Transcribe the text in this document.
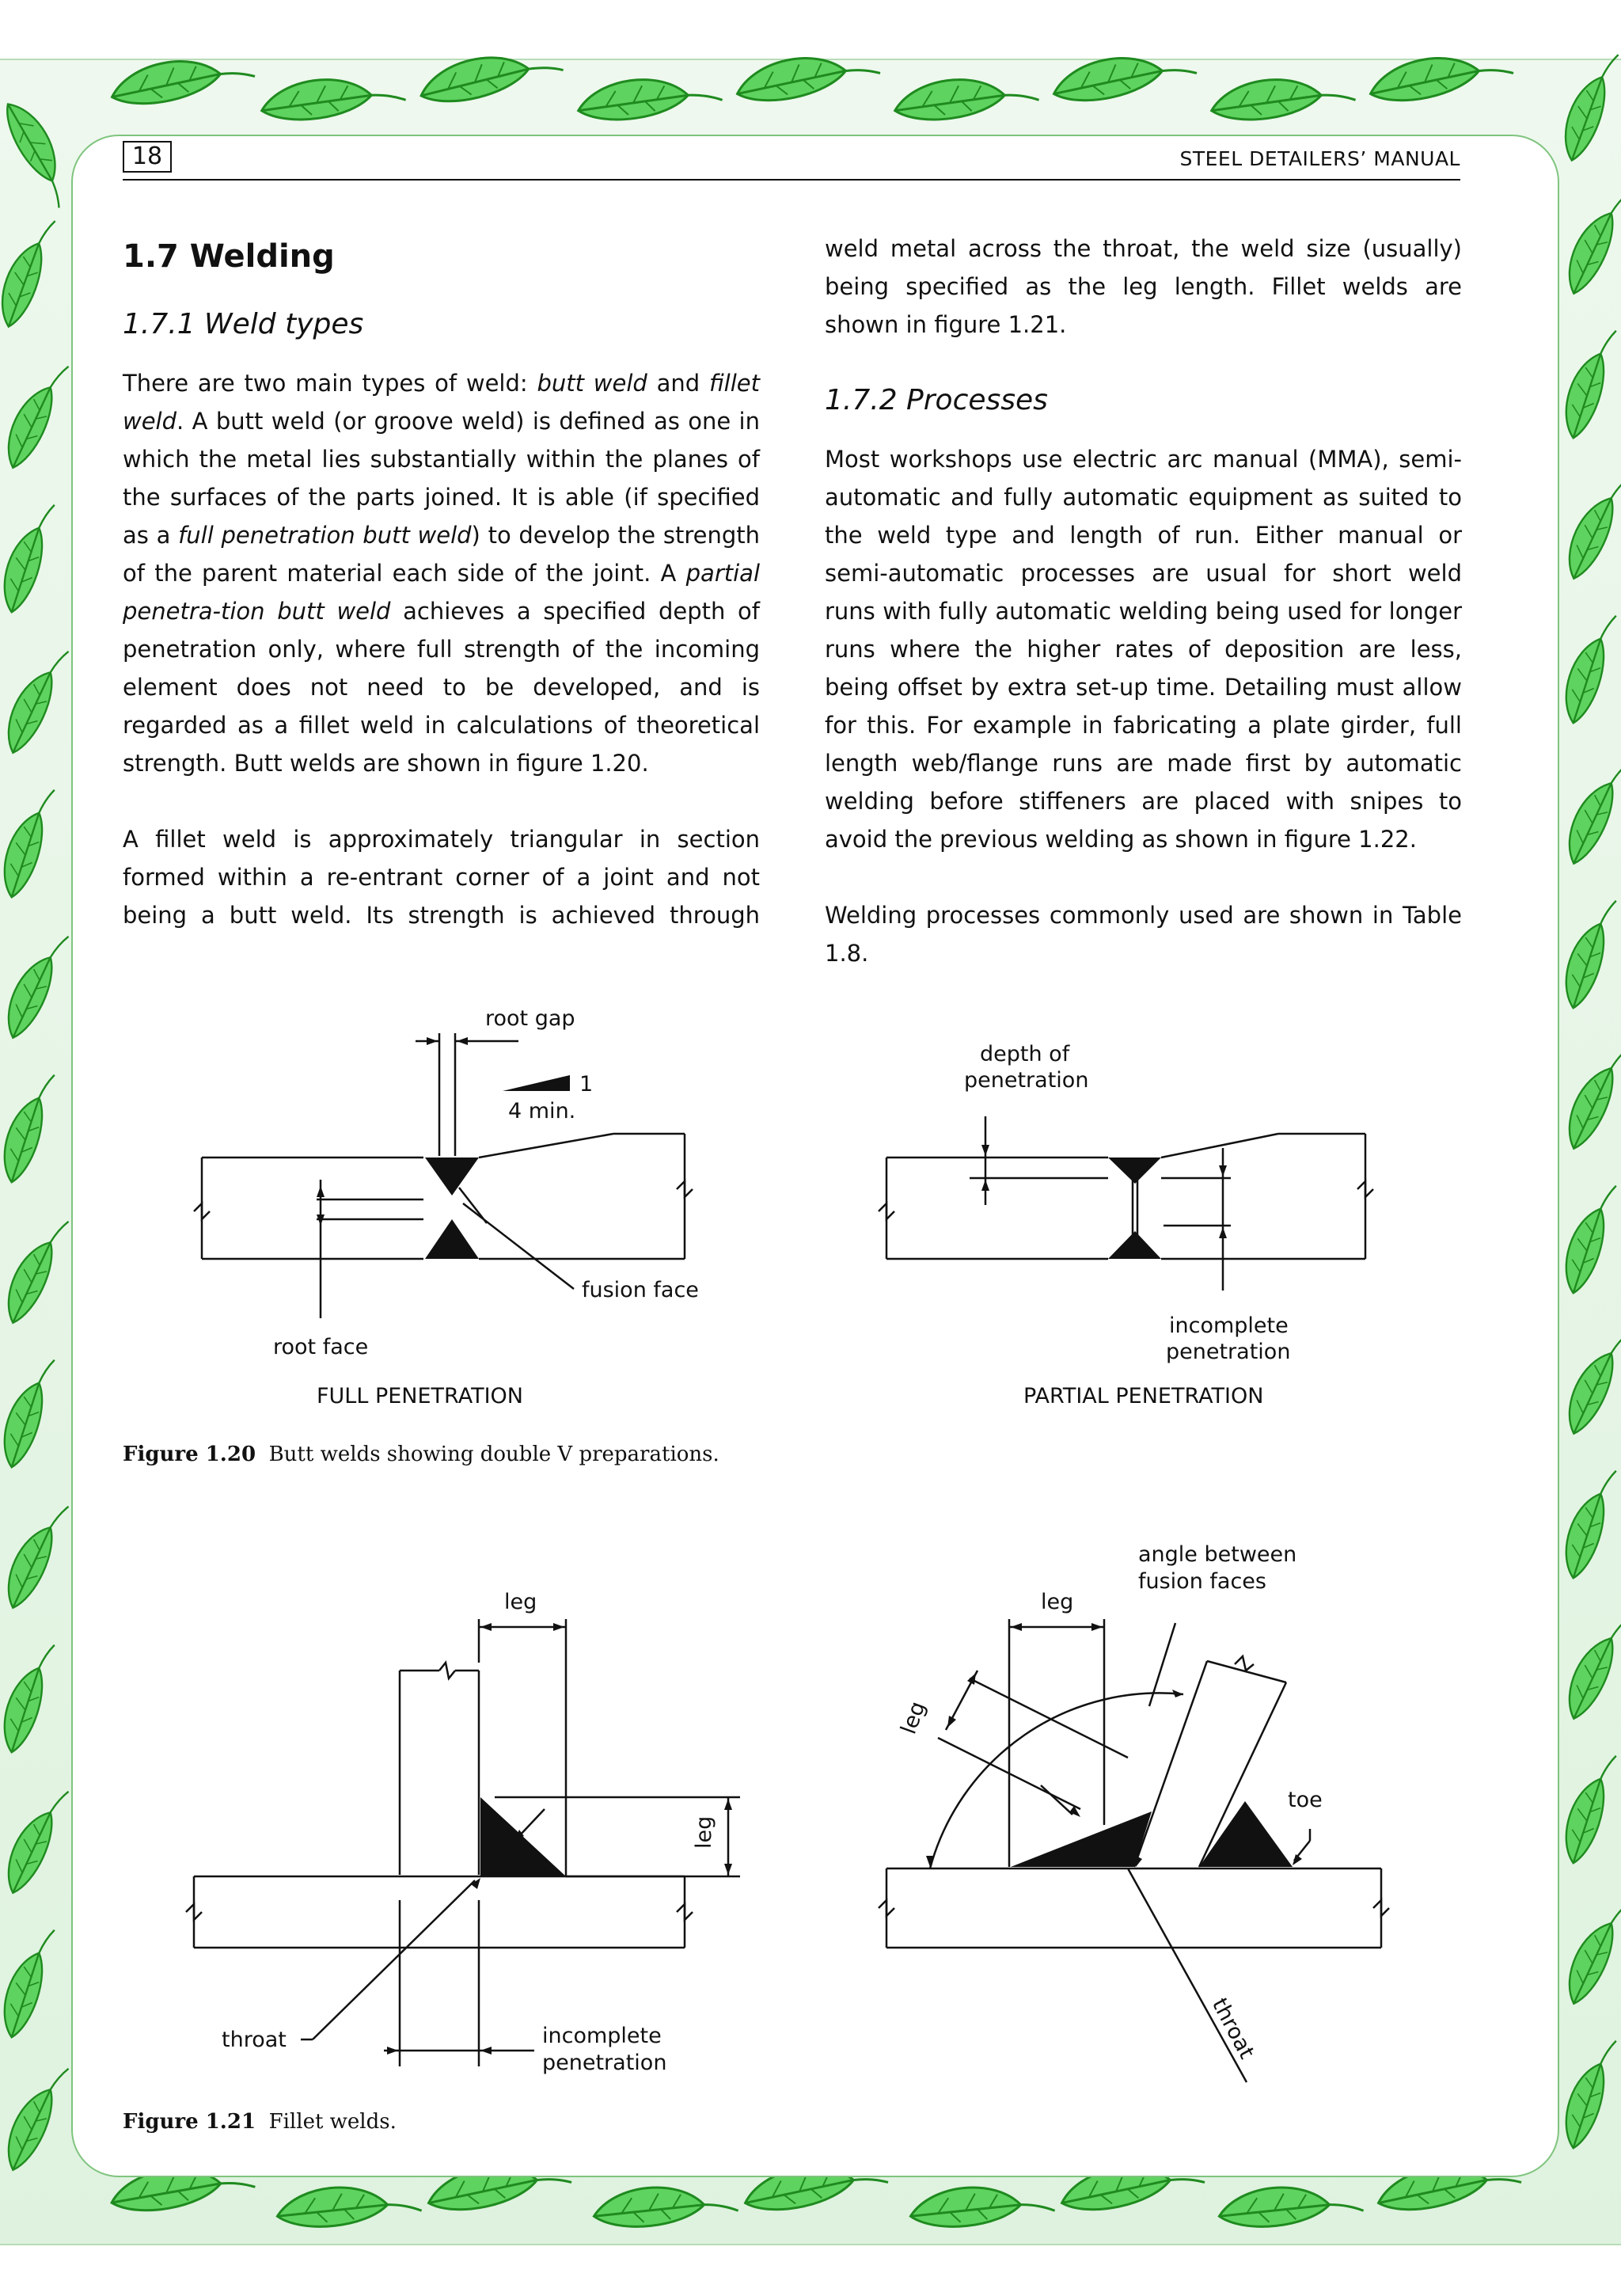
18	STEEL DETAILERS’ MANUAL
1.7 Welding
1.7.1 Weld types

There are two main types of weld: butt weld and fillet weld. A butt weld (or groove weld) is defined as one in which the metal lies substantially within the planes of the surfaces of the parts joined. It is able (if specified as a full penetration butt weld) to develop the strength of the parent material each side of the joint. A partial penetra-tion butt weld achieves a specified depth of penetration only, where full strength of the incoming element does not need to be developed, and is regarded as a fillet weld in calculations of theoretical strength. Butt welds are shown in figure 1.20.

A fillet weld is approximately triangular in section formed within a re-entrant corner of a joint and not being a butt weld. Its strength is achieved through

weld metal across the throat, the weld size (usually) being specified as the leg length. Fillet welds are shown in figure 1.21.

1.7.2 Processes

Most workshops use electric arc manual (MMA), semi-automatic and fully automatic equipment as suited to the weld type and length of run. Either manual or semi-automatic processes are usual for short weld runs with fully automatic welding being used for longer runs where the higher rates of deposition are less, being offset by extra set-up time. Detailing must allow for this. For example in fabricating a plate girder, full length web/flange runs are made first by automatic welding before stiffeners are placed with snipes to avoid the previous welding as shown in figure 1.22.

Welding processes commonly used are shown in Table 1.8.

root gap
1
4 min.
fusion face
root face
FULL PENETRATION
depth of
penetration
incomplete
penetration
PARTIAL PENETRATION
Figure 1.20 Butt welds showing double V preparations.
leg
leg
throat	incomplete
penetration
angle between
fusion faces
leg
leg
toe
throat
Figure 1.21 Fillet welds.
